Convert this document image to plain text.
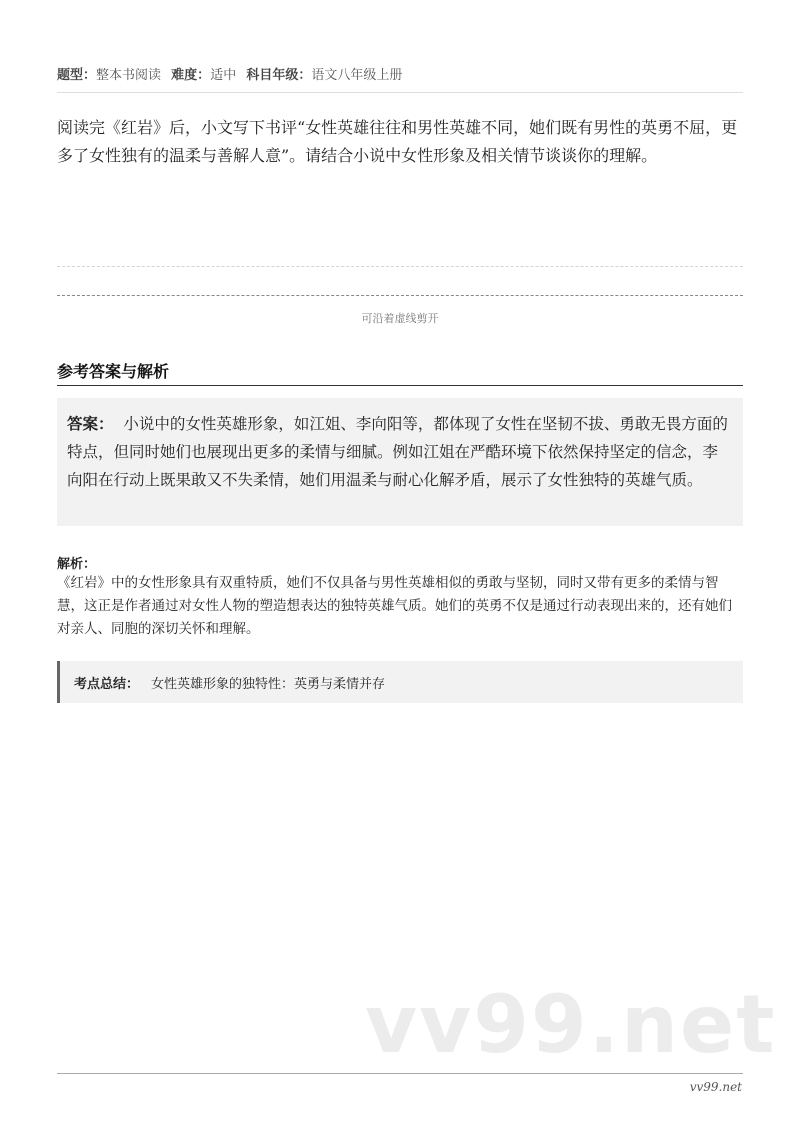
题型：整本书阅读 难度：适中 科目年级：语文八年级上册
阅读完《红岩》后，小文写下书评“女性英雄往往和男性英雄不同，她们既有男性的英勇不屈，更多了女性独有的温柔与善解人意”。请结合小说中女性形象及相关情节谈谈你的理解。
可沿着虚线剪开
参考答案与解析

答案： 小说中的女性英雄形象，如江姐、李向阳等，都体现了女性在坚韧不拔、勇敢无畏方面的特点，但同时她们也展现出更多的柔情与细腻。例如江姐在严酷环境下依然保持坚定的信念，李向阳在行动上既果敢又不失柔情，她们用温柔与耐心化解矛盾，展示了女性独特的英雄气质。

解析：
《红岩》中的女性形象具有双重特质，她们不仅具备与男性英雄相似的勇敢与坚韧，同时又带有更多的柔情与智慧，这正是作者通过对女性人物的塑造想表达的独特英雄气质。她们的英勇不仅是通过行动表现出来的，还有她们对亲人、同胞的深切关怀和理解。
考点总结： 女性英雄形象的独特性：英勇与柔情并存
vv99.net
vv99.net
